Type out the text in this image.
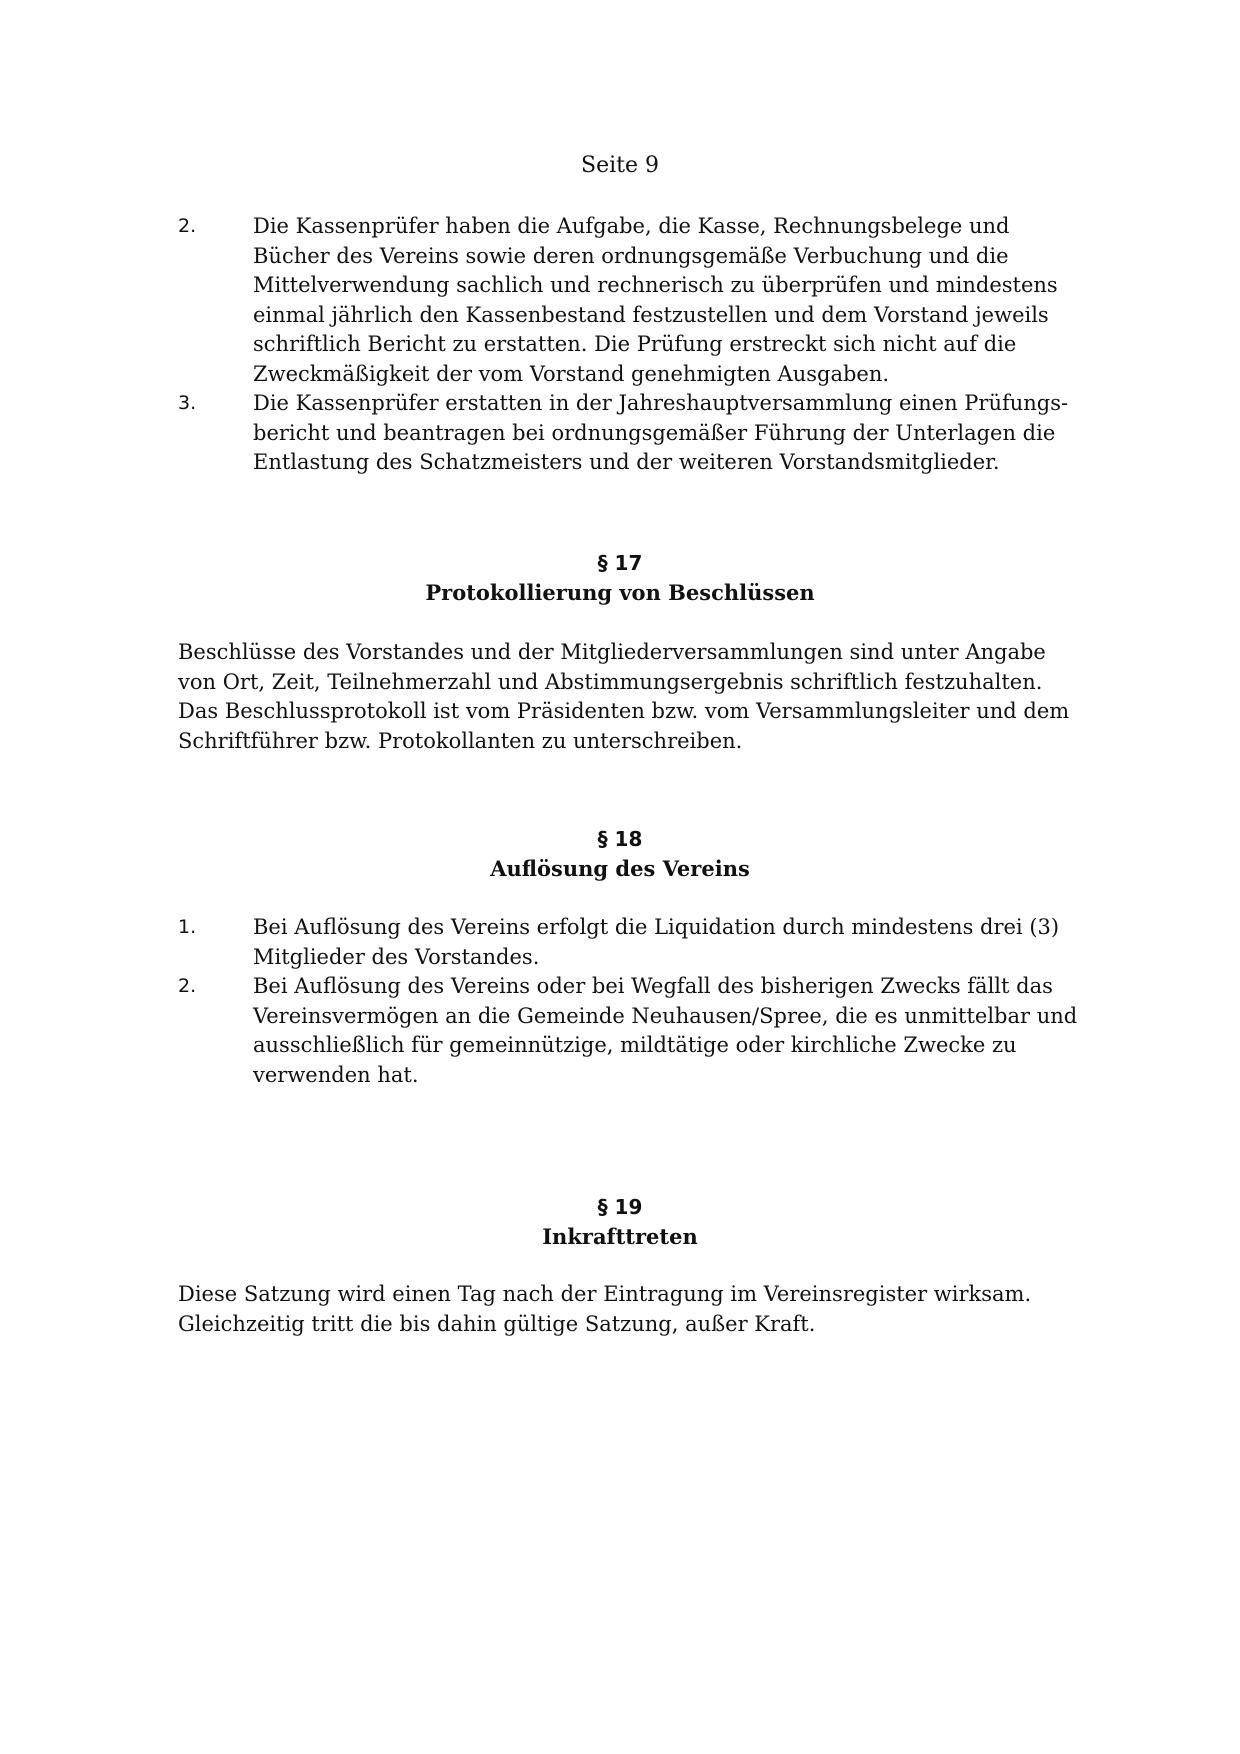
Seite 9
2.	Die Kassenprüfer haben die Aufgabe, die Kasse, Rechnungsbelege und Bücher des Vereins sowie deren ordnungsgemäße Verbuchung und die Mittelverwendung sachlich und rechnerisch zu überprüfen und mindestens einmal jährlich den Kassenbestand festzustellen und dem Vorstand jeweils schriftlich Bericht zu erstatten. Die Prüfung erstreckt sich nicht auf die Zweckmäßigkeit der vom Vorstand genehmigten Ausgaben.
3.	Die Kassenprüfer erstatten in der Jahreshauptversammlung einen Prüfungs-bericht und beantragen bei ordnungsgemäßer Führung der Unterlagen die Entlastung des Schatzmeisters und der weiteren Vorstandsmitglieder.
§ 17
Protokollierung von Beschlüssen
Beschlüsse des Vorstandes und der Mitgliederversammlungen sind unter Angabe von Ort, Zeit, Teilnehmerzahl und Abstimmungsergebnis schriftlich festzuhalten.
Das Beschlussprotokoll ist vom Präsidenten bzw. vom Versammlungsleiter und dem Schriftführer bzw. Protokollanten zu unterschreiben.
§ 18
Auflösung des Vereins
1.	Bei Auflösung des Vereins erfolgt die Liquidation durch mindestens drei (3) Mitglieder des Vorstandes.
2.	Bei Auflösung des Vereins oder bei Wegfall des bisherigen Zwecks fällt das Vereinsvermögen an die Gemeinde Neuhausen/Spree, die es unmittelbar und ausschließlich für gemeinnützige, mildtätige oder kirchliche Zwecke zu verwenden hat.
§ 19
Inkrafttreten
Diese Satzung wird einen Tag nach der Eintragung im Vereinsregister wirksam.
Gleichzeitig tritt die bis dahin gültige Satzung, außer Kraft.
